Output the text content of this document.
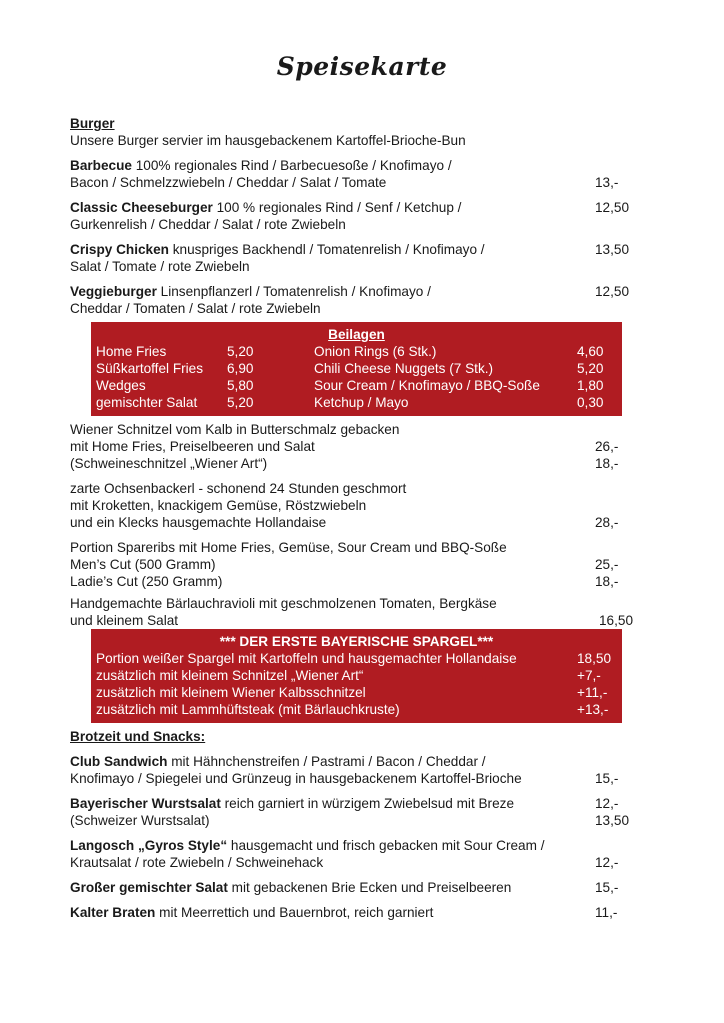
Speisekarte
Burger
Unsere Burger servier im hausgebackenem Kartoffel-Brioche-Bun
Barbecue 100% regionales Rind / Barbecuesoße / Knofimayo /
Bacon / Schmelzzwiebeln / Cheddar / Salat / Tomate	13,-
Classic Cheeseburger 100 % regionales Rind / Senf / Ketchup /	12,50
Gurkenrelish / Cheddar / Salat / rote Zwiebeln
Crispy Chicken knuspriges Backhendl / Tomatenrelish / Knofimayo /	13,50
Salat / Tomate / rote Zwiebeln
Veggieburger Linsenpflanzerl / Tomatenrelish / Knofimayo /	12,50
Cheddar / Tomaten / Salat / rote Zwiebeln
Beilagen
Home Fries	5,20	Onion Rings (6 Stk.)	4,60
Süßkartoffel Fries 6,90	Chili Cheese Nuggets (7 Stk.)	5,20
Wedges	5,80	Sour Cream / Knofimayo / BBQ-Soße	1,80
gemischter Salat 5,20	Ketchup / Mayo	0,30
Wiener Schnitzel vom Kalb in Butterschmalz gebacken
mit Home Fries, Preiselbeeren und Salat	26,-
(Schweineschnitzel „Wiener Art“)	18,-
zarte Ochsenbackerl - schonend 24 Stunden geschmort
mit Kroketten, knackigem Gemüse, Röstzwiebeln
und ein Klecks hausgemachte Hollandaise	28,-
Portion Spareribs mit Home Fries, Gemüse, Sour Cream und BBQ-Soße
Men’s Cut (500 Gramm)	25,-
Ladie’s Cut (250 Gramm)	18,-
Handgemachte Bärlauchravioli mit geschmolzenen Tomaten, Bergkäse
und kleinem Salat	16,50
*** DER ERSTE BAYERISCHE SPARGEL***
Portion weißer Spargel mit Kartoffeln und hausgemachter Hollandaise	18,50
zusätzlich mit kleinem Schnitzel „Wiener Art“	+7,-
zusätzlich mit kleinem Wiener Kalbsschnitzel	+11,-
zusätzlich mit Lammhüftsteak (mit Bärlauchkruste)	+13,-
Brotzeit und Snacks:
Club Sandwich mit Hähnchenstreifen / Pastrami / Bacon / Cheddar /
Knofimayo / Spiegelei und Grünzeug in hausgebackenem Kartoffel-Brioche	15,-
Bayerischer Wurstsalat reich garniert in würzigem Zwiebelsud mit Breze	12,-
(Schweizer Wurstsalat)	13,50
Langosch „Gyros Style“ hausgemacht und frisch gebacken mit Sour Cream /
Krautsalat / rote Zwiebeln / Schweinehack	12,-
Großer gemischter Salat mit gebackenen Brie Ecken und Preiselbeeren	15,-
Kalter Braten mit Meerrettich und Bauernbrot, reich garniert	11,-
